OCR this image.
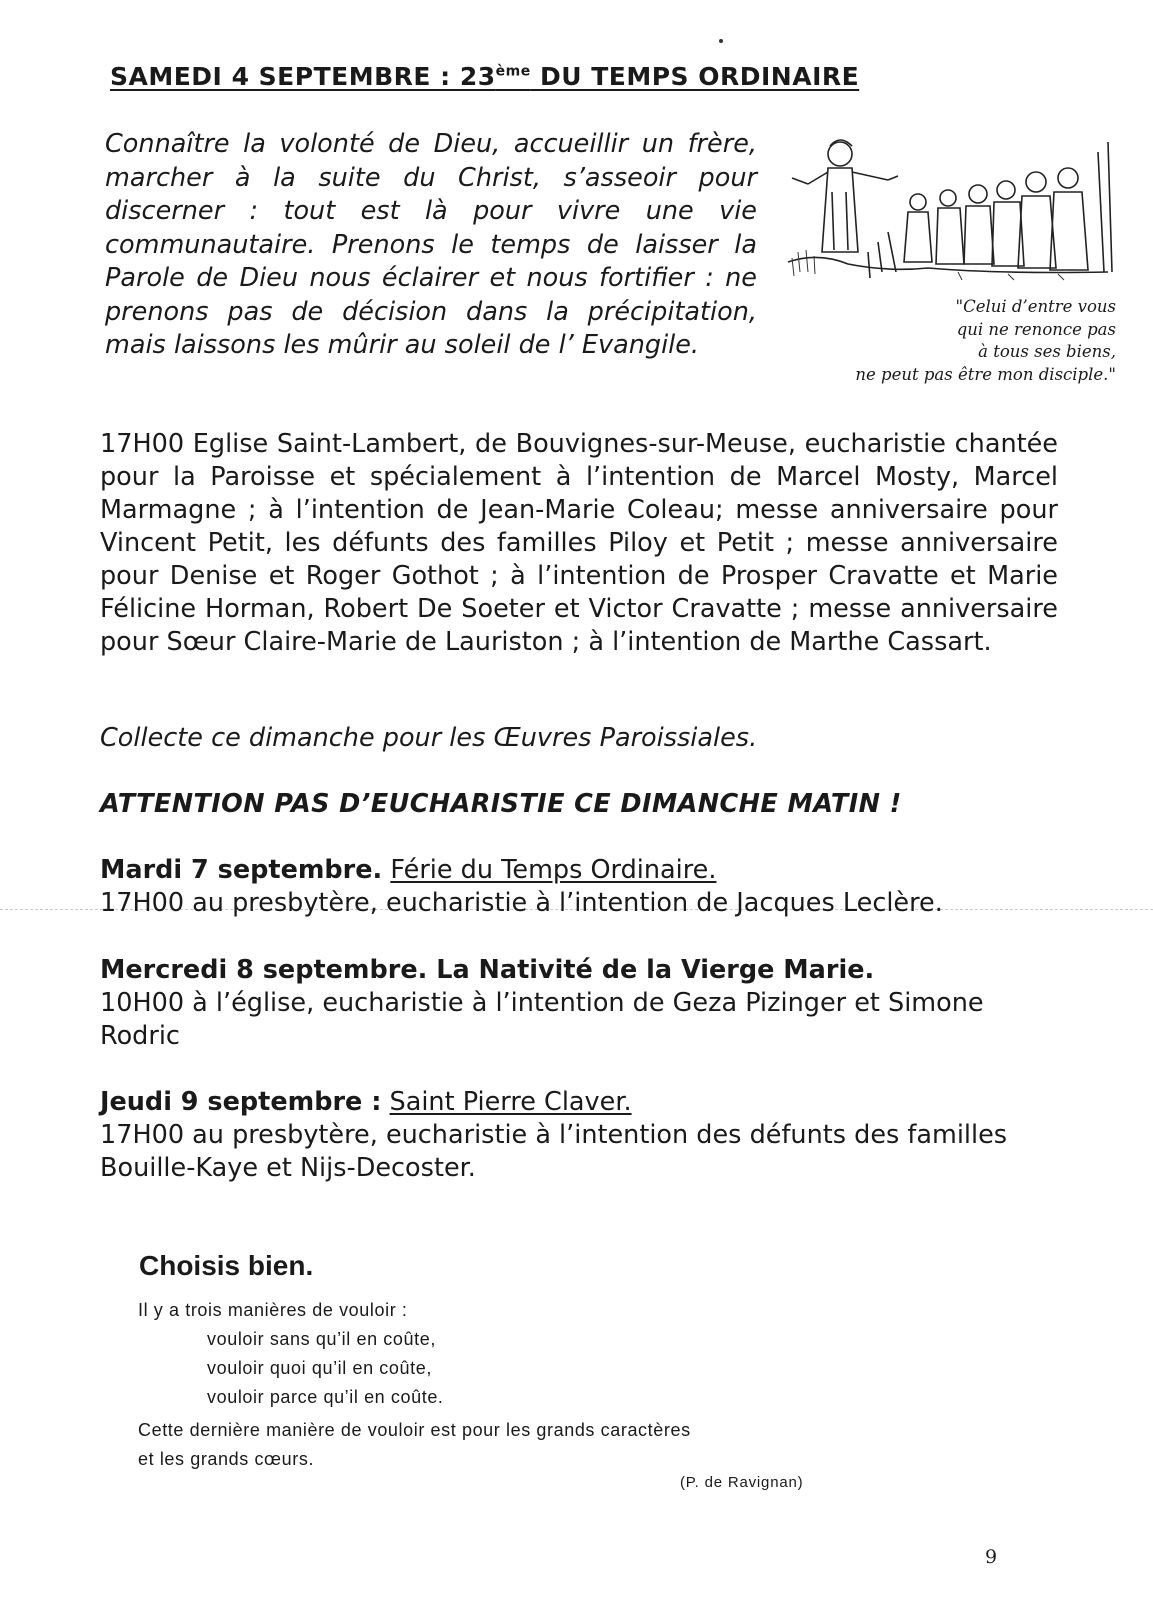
SAMEDI 4 SEPTEMBRE : 23ème DU TEMPS ORDINAIRE

Connaître la volonté de Dieu, accueillir un frère, marcher à la suite du Christ, s’asseoir pour discerner : tout est là pour vivre une vie communautaire. Prenons le temps de laisser la Parole de Dieu nous éclairer et nous fortifier : ne prenons pas de décision dans la précipitation, mais laissons les mûrir au soleil de l’ Evangile.

"Celui d’entre vous
qui ne renonce pas
à tous ses biens,
ne peut pas être mon disciple."

17H00 Eglise Saint-Lambert, de Bouvignes-sur-Meuse, eucharistie chantée pour la Paroisse et spécialement à l’intention de Marcel Mosty, Marcel Marmagne ; à l’intention de Jean-Marie Coleau; messe anniversaire pour Vincent Petit, les défunts des familles Piloy et Petit ; messe anniversaire pour Denise et Roger Gothot ; à l’intention de Prosper Cravatte et Marie Félicine Horman, Robert De Soeter et Victor Cravatte ; messe anniversaire pour Sœur Claire-Marie de Lauriston ; à l’intention de Marthe Cassart.

Collecte ce dimanche pour les Œuvres Paroissiales.

ATTENTION PAS D’EUCHARISTIE CE DIMANCHE MATIN !

Mardi 7 septembre. Férie du Temps Ordinaire.
17H00 au presbytère, eucharistie à l’intention de Jacques Leclère.
Mercredi 8 septembre. La Nativité de la Vierge Marie.
10H00 à l’église, eucharistie à l’intention de Geza Pizinger et Simone Rodric
Jeudi 9 septembre : Saint Pierre Claver.
17H00 au presbytère, eucharistie à l’intention des défunts des familles Bouille-Kaye et Nijs-Decoster.
Choisis bien.
Il y a trois manières de vouloir :
vouloir sans qu’il en coûte,
vouloir quoi qu’il en coûte,
vouloir parce qu’il en coûte.
Cette dernière manière de vouloir est pour les grands caractères
et les grands cœurs.
(P. de Ravignan)
9
